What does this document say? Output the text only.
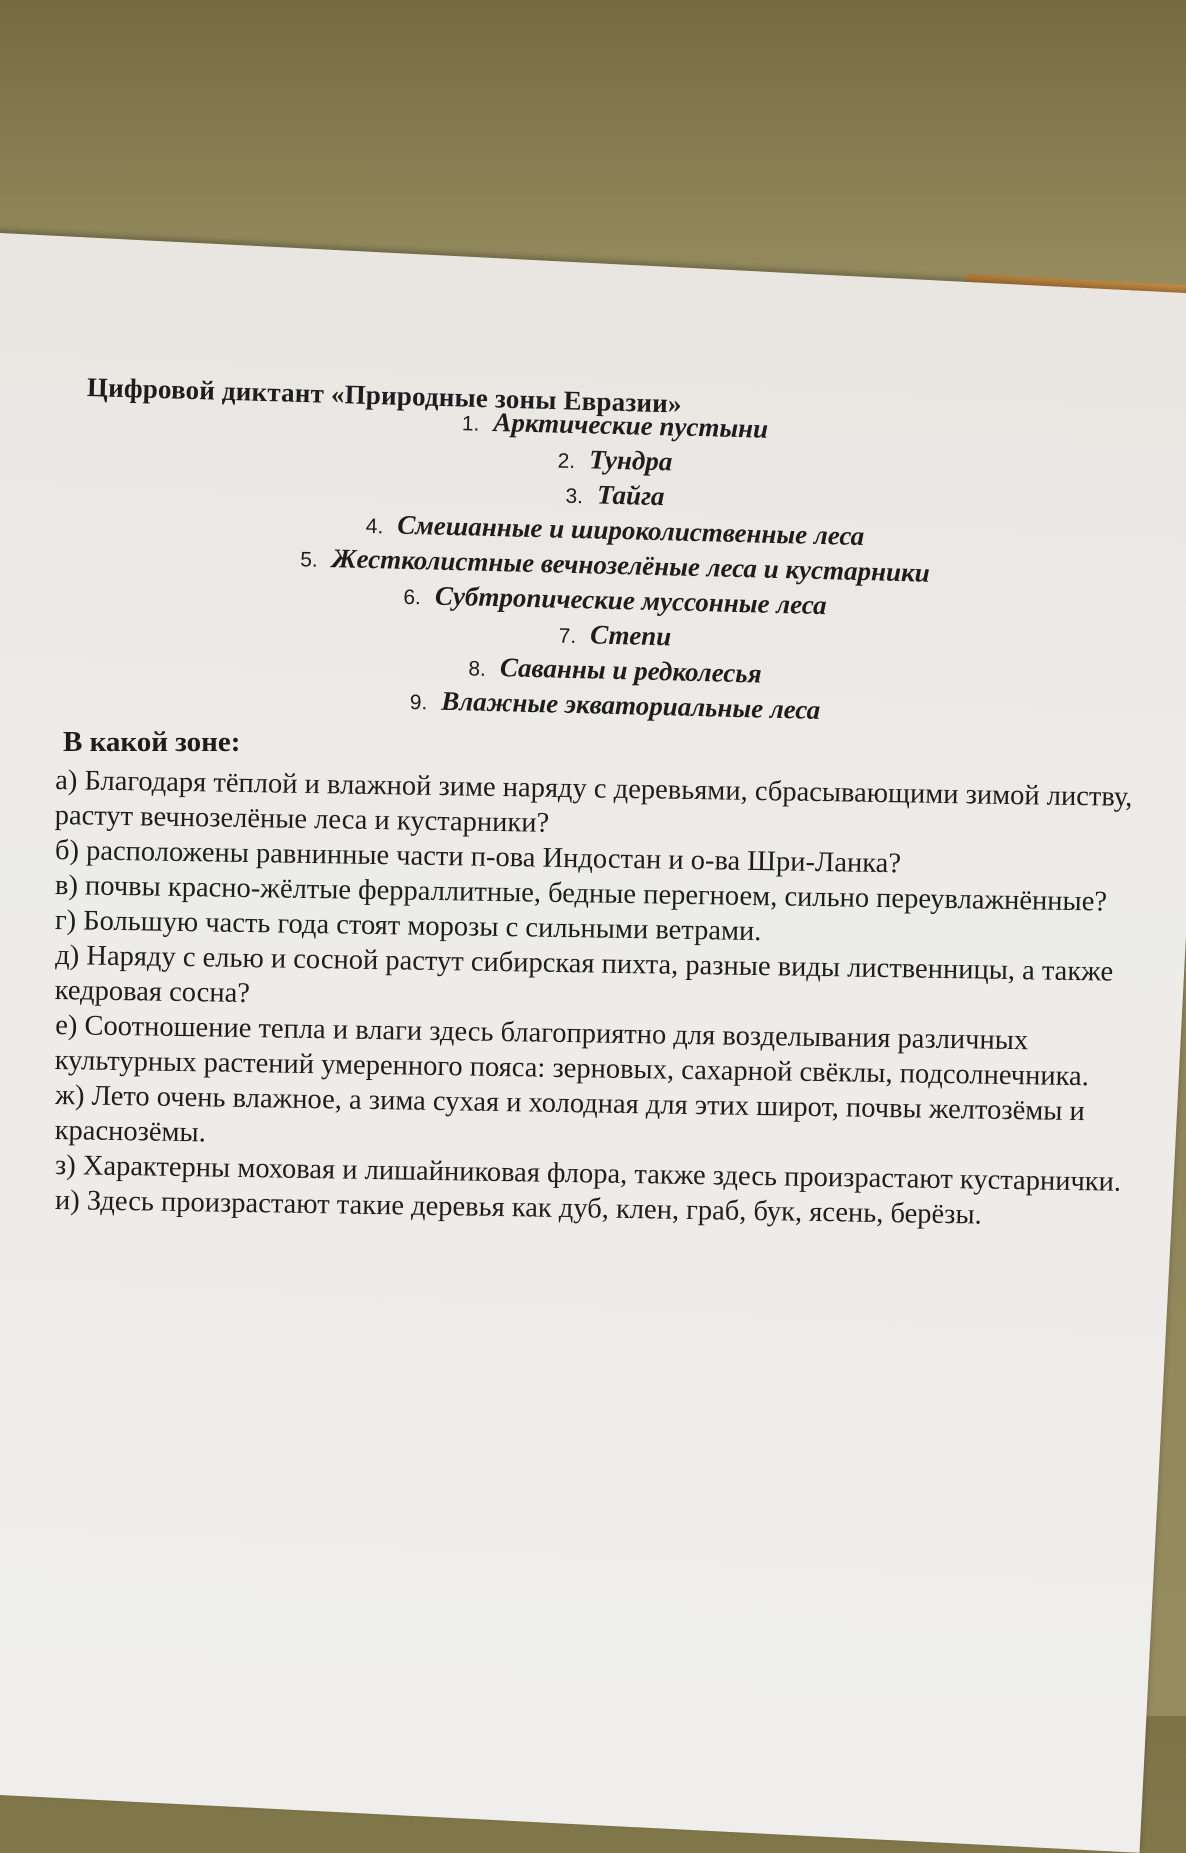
Цифровой диктант «Природные зоны Евразии»
1. Арктические пустыни
2. Тундра
3. Тайга
4. Смешанные и широколиственные леса
5. Жестколистные вечнозелёные леса и кустарники
6. Субтропические муссонные леса
7. Степи
8. Саванны и редколесья
9. Влажные экваториальные леса
В какой зоне:
а) Благодаря тёплой и влажной зиме наряду с деревьями, сбрасывающими зимой листву, растут вечнозелёные леса и кустарники?
б) расположены равнинные части п-ова Индостан и о-ва Шри-Ланка?
в) почвы красно-жёлтые ферраллитные, бедные перегноем, сильно переувлажнённые?
г) Большую часть года стоят морозы с сильными ветрами.
д) Наряду с елью и сосной растут сибирская пихта, разные виды лиственницы, а также кедровая сосна?
е) Соотношение тепла и влаги здесь благоприятно для возделывания различных культурных растений умеренного пояса: зерновых, сахарной свёклы, подсолнечника.
ж) Лето очень влажное, а зима сухая и холодная для этих широт, почвы желтозёмы и краснозёмы.
з) Характерны моховая и лишайниковая флора, также здесь произрастают кустарнички.
и) Здесь произрастают такие деревья как дуб, клен, граб, бук, ясень, берёзы.
